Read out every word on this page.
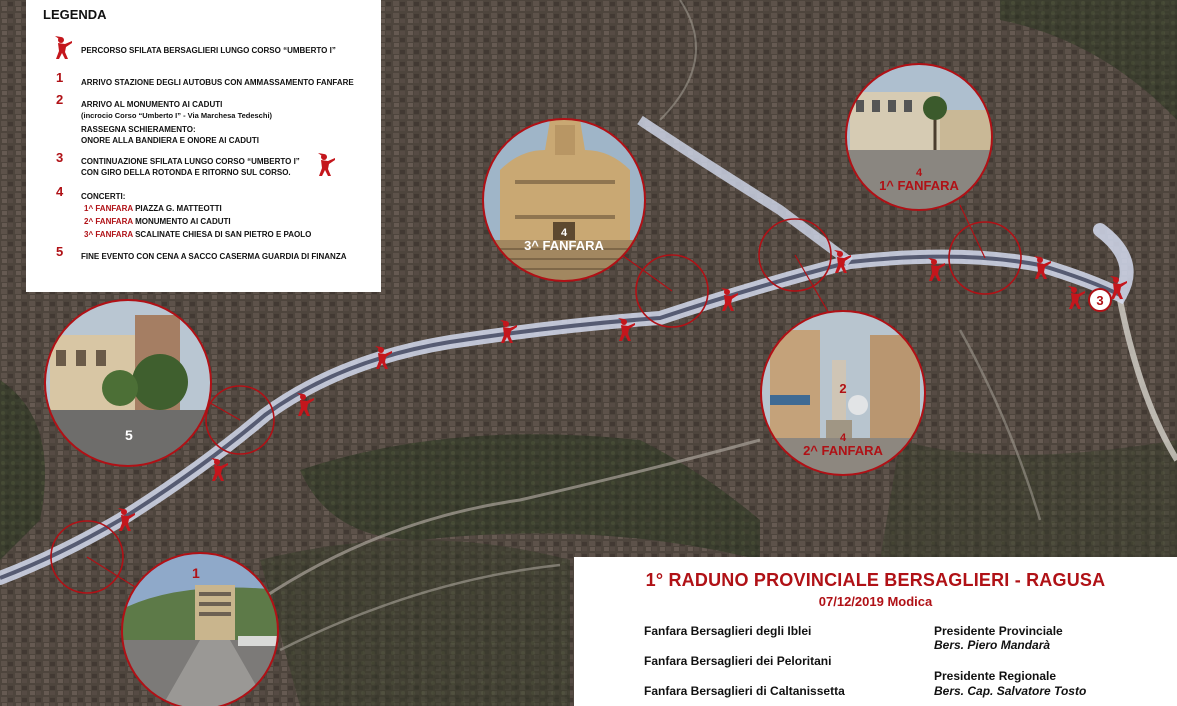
3
1
5
4
3^ FANFARA
4
1^ FANFARA
2
4
2^ FANFARA
LEGENDA
PERCORSO SFILATA BERSAGLIERI LUNGO CORSO “UMBERTO I”
1 ARRIVO STAZIONE DEGLI AUTOBUS CON AMMASSAMENTO FANFARE
2 ARRIVO AL MONUMENTO AI CADUTI
(incrocio Corso “Umberto I” - Via Marchesa Tedeschi)
RASSEGNA SCHIERAMENTO:
ONORE ALLA BANDIERA E ONORE AI CADUTI
3 CONTINUAZIONE SFILATA LUNGO CORSO “UMBERTO I”
CON GIRO DELLA ROTONDA E RITORNO SUL CORSO.
4 CONCERTI:
1^ FANFARA PIAZZA G. MATTEOTTI
2^ FANFARA MONUMENTO AI CADUTI
3^ FANFARA SCALINATE CHIESA DI SAN PIETRO E PAOLO
5 FINE EVENTO CON CENA A SACCO CASERMA GUARDIA DI FINANZA
1° RADUNO PROVINCIALE BERSAGLIERI - RAGUSA
07/12/2019 Modica
Fanfara Bersaglieri degli Iblei
Fanfara Bersaglieri dei Peloritani
Fanfara Bersaglieri di Caltanissetta
Presidente Provinciale
Bers. Piero Mandarà
Presidente Regionale
Bers. Cap. Salvatore Tosto
